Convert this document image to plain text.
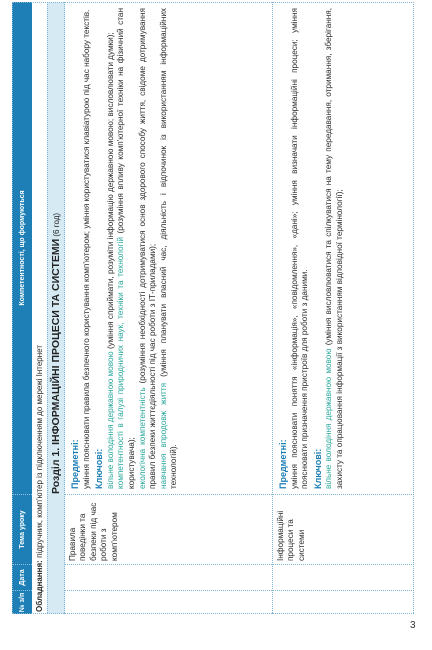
№ з/п
Дата
Тема уроку
Компетентності, що формуються
Обладнання: підручник, комп'ютер із підключенням до мережі Інтернет Розділ 1. ІНФОРМАЦІЙНІ ПРОЦЕСИ ТА СИСТЕМИ (6 год)
Правила поведінки та безпеки під час роботи з комп'ютером
Предметні: уміння пояснювати правила безпечного користування комп'ютером; уміння користуватися клавіатурою під час набору текстів. Ключові: вільне володіння державною мовою (уміння сприймати, розуміти інформацію державною мовою; висловлювати думки);
компетентності в галузі природничих наук, техніки та технологій (розуміння впливу комп'ютерної техніки на фізичний стан користувача); екологічна компетентність (розуміння необхідності дотримуватися основ здорового способу життя, свідоме дотримування правил безпеки життєдіяльності під час роботи з ІТ-приладами); навчання впродовж життя (уміння планувати власний час, діяльність і відпочинок із використанням інформаційних технологій).

Інформаційні процеси та системи
Предметні: уміння пояснювати поняття «інформація», «повідомлення», «дані»; уміння визначати інформаційні процеси; уміння пояснювати призначення пристроїв для роботи з даними. Ключові: вільне володіння державною мовою (уміння висловлюватися та спілкуватися на тему передавання, отримання, зберігання, захисту та опрацювання інформації з використанням відповідної термінології);

3
